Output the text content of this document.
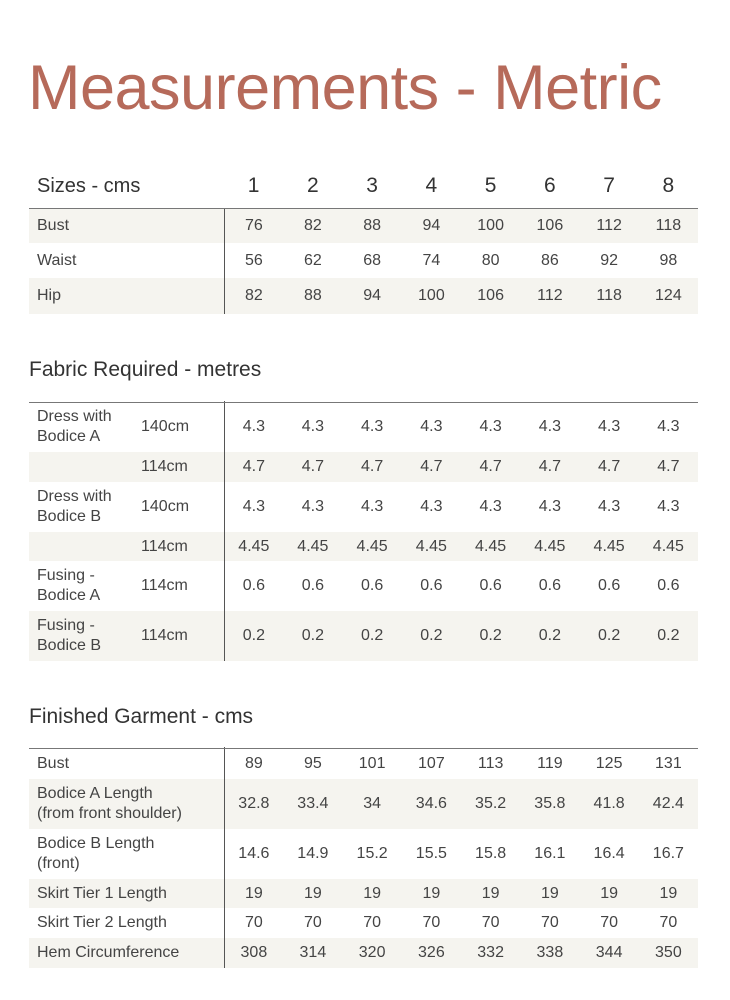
Measurements - Metric
Sizes - cms	1	2	3	4	5	6	7	8
Bust	76	82	88	94	100	106	112	118
Waist	56	62	68	74	80	86	92	98
Hip	82	88	94	100	106	112	118	124
Fabric Required - metres

Dress with
Bodice A	140cm	4.3	4.3	4.3	4.3	4.3	4.3	4.3	4.3
	114cm	4.7	4.7	4.7	4.7	4.7	4.7	4.7	4.7

Dress with
Bodice B	140cm	4.3	4.3	4.3	4.3	4.3	4.3	4.3	4.3
	114cm	4.45	4.45	4.45	4.45	4.45	4.45	4.45	4.45

Fusing -
Bodice A	114cm	0.6	0.6	0.6	0.6	0.6	0.6	0.6	0.6

Fusing -
Bodice B	114cm	0.2	0.2	0.2	0.2	0.2	0.2	0.2	0.2
Finished Garment - cms

Bust	89	95	101	107	113	119	125	131

Bodice A Length
(from front shoulder)	32.8	33.4	34	34.6	35.2	35.8	41.8	42.4

Bodice B Length
(front)	14.6	14.9	15.2	15.5	15.8	16.1	16.4	16.7

Skirt Tier 1 Length	19	19	19	19	19	19	19	19

Skirt Tier 2 Length	70	70	70	70	70	70	70	70

Hem Circumference	308	314	320	326	332	338	344	350
